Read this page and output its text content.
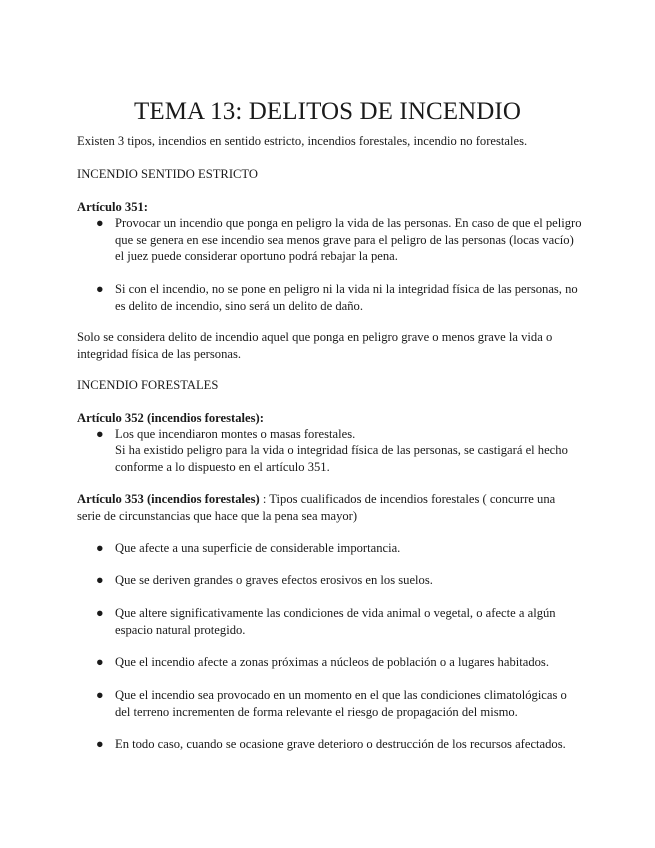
TEMA 13: DELITOS DE INCENDIO

Existen 3 tipos, incendios en sentido estricto, incendios forestales, incendio no forestales.

INCENDIO SENTIDO ESTRICTO

Artículo 351:

● Provocar un incendio que ponga en peligro la vida de las personas. En caso de que el peligro que se genera en ese incendio sea menos grave para el peligro de las personas (locas vacío) el juez puede considerar oportuno podrá rebajar la pena.

● Si con el incendio, no se pone en peligro ni la vida ni la integridad física de las personas, no es delito de incendio, sino será un delito de daño.

Solo se considera delito de incendio aquel que ponga en peligro grave o menos grave la vida o integridad física de las personas.

INCENDIO FORESTALES

Artículo 352 (incendios forestales):

● Los que incendiaron montes o masas forestales.

Si ha existido peligro para la vida o integridad física de las personas, se castigará el hecho conforme a lo dispuesto en el artículo 351.

Artículo 353 (incendios forestales) : Tipos cualificados de incendios forestales ( concurre una serie de circunstancias que hace que la pena sea mayor)

● Que afecte a una superficie de considerable importancia.

● Que se deriven grandes o graves efectos erosivos en los suelos.

● Que altere significativamente las condiciones de vida animal o vegetal, o afecte a algún espacio natural protegido.

● Que el incendio afecte a zonas próximas a núcleos de población o a lugares habitados.

● Que el incendio sea provocado en un momento en el que las condiciones climatológicas o del terreno incrementen de forma relevante el riesgo de propagación del mismo.

● En todo caso, cuando se ocasione grave deterioro o destrucción de los recursos afectados.
